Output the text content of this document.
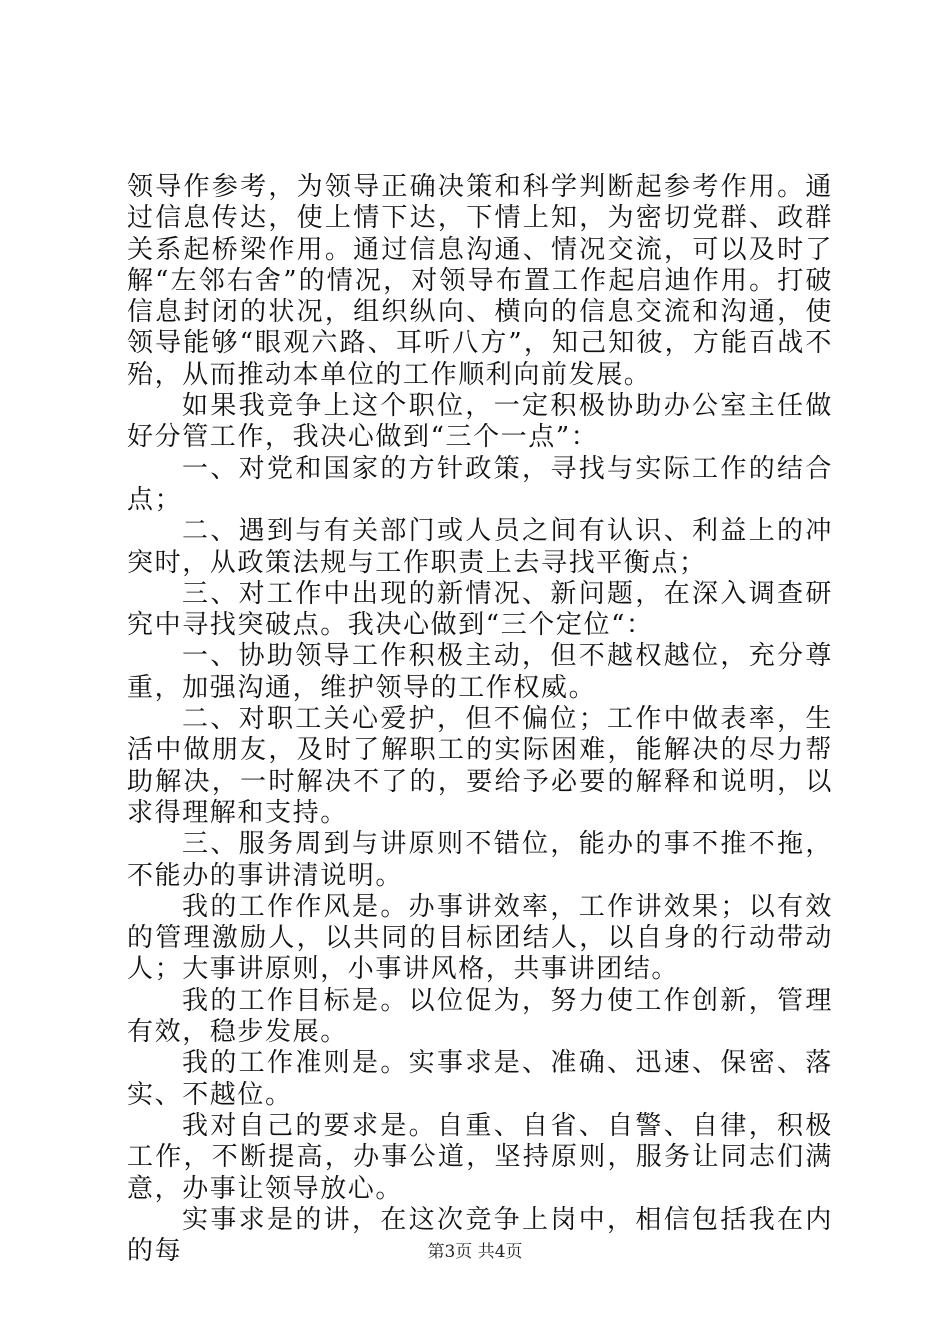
领导作参考，为领导正确决策和科学判断起参考作用。通过信息传达，使上情下达，下情上知，为密切党群、政群关系起桥梁作用。通过信息沟通、情况交流，可以及时了解“左邻右舍”的情况，对领导布置工作起启迪作用。打破信息封闭的状况，组织纵向、横向的信息交流和沟通，使领导能够“眼观六路、耳听八方”，知己知彼，方能百战不殆，从而推动本单位的工作顺利向前发展。

如果我竞争上这个职位，一定积极协助办公室主任做好分管工作，我决心做到“三个一点”：

一、对党和国家的方针政策，寻找与实际工作的结合点；

二、遇到与有关部门或人员之间有认识、利益上的冲突时，从政策法规与工作职责上去寻找平衡点；

三、对工作中出现的新情况、新问题，在深入调查研究中寻找突破点。我决心做到“三个定位“：

一、协助领导工作积极主动，但不越权越位，充分尊重，加强沟通，维护领导的工作权威。

二、对职工关心爱护，但不偏位；工作中做表率，生活中做朋友，及时了解职工的实际困难，能解决的尽力帮助解决，一时解决不了的，要给予必要的解释和说明，以求得理解和支持。

三、服务周到与讲原则不错位，能办的事不推不拖，不能办的事讲清说明。

我的工作作风是。办事讲效率，工作讲效果；以有效的管理激励人，以共同的目标团结人，以自身的行动带动人；大事讲原则，小事讲风格，共事讲团结。

我的工作目标是。以位促为，努力使工作创新，管理有效，稳步发展。

我的工作准则是。实事求是、准确、迅速、保密、落实、不越位。

我对自己的要求是。自重、自省、自警、自律，积极工作，不断提高，办事公道，坚持原则，服务让同志们满意，办事让领导放心。

实事求是的讲，在这次竞争上岗中，相信包括我在内的每	第3页 共4页
